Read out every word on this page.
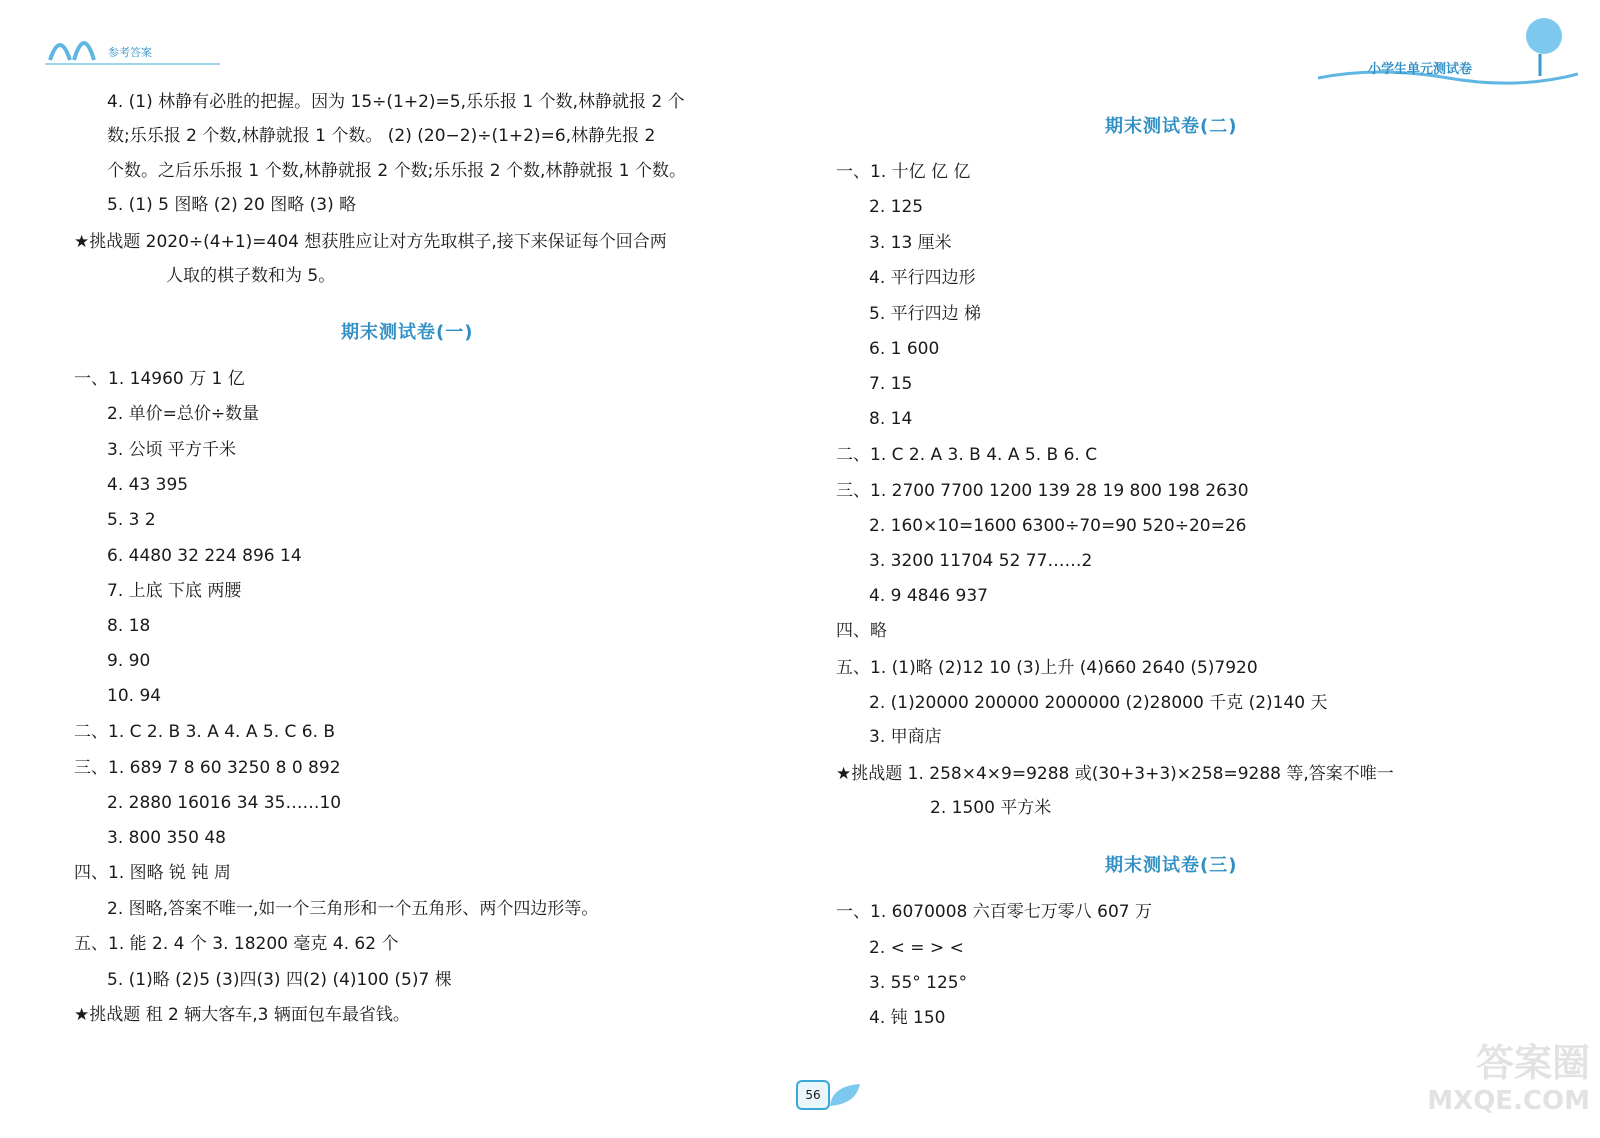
参考答案
小学生单元测试卷
4. (1) 林静有必胜的把握。因为 15÷(1+2)=5,乐乐报 1 个数,林静就报 2 个
数;乐乐报 2 个数,林静就报 1 个数。 (2) (20−2)÷(1+2)=6,林静先报 2
个数。之后乐乐报 1 个数,林静就报 2 个数;乐乐报 2 个数,林静就报 1 个数。
5. (1) 5 图略 (2) 20 图略 (3) 略
★挑战题 2020÷(4+1)=404 想获胜应让对方先取棋子,接下来保证每个回合两
人取的棋子数和为 5。
期末测试卷(一)
一、1. 14960 万 1 亿
2. 单价=总价÷数量
3. 公顷 平方千米
4. 43 395
5. 3 2
6. 4480 32 224 896 14
7. 上底 下底 两腰
8. 18
9. 90
10. 94
二、1. C 2. B 3. A 4. A 5. C 6. B
三、1. 689 7 8 60 3250 8 0 892
2. 2880 16016 34 35……10
3. 800 350 48
四、1. 图略 锐 钝 周
2. 图略,答案不唯一,如一个三角形和一个五角形、两个四边形等。
五、1. 能 2. 4 个 3. 18200 毫克 4. 62 个
5. (1)略 (2)5 (3)四(3) 四(2) (4)100 (5)7 棵
★挑战题 租 2 辆大客车,3 辆面包车最省钱。
期末测试卷(二)
一、1. 十亿 亿 亿
2. 125
3. 13 厘米
4. 平行四边形
5. 平行四边 梯
6. 1 600
7. 15
8. 14
二、1. C 2. A 3. B 4. A 5. B 6. C
三、1. 2700 7700 1200 139 28 19 800 198 2630
2. 160×10=1600 6300÷70=90 520÷20=26
3. 3200 11704 52 77……2
4. 9 4846 937
四、略
五、1. (1)略 (2)12 10 (3)上升 (4)660 2640 (5)7920
2. (1)20000 200000 2000000 (2)28000 千克 (2)140 天
3. 甲商店
★挑战题 1. 258×4×9=9288 或(30+3+3)×258=9288 等,答案不唯一
2. 1500 平方米
期末测试卷(三)
一、1. 6070008 六百零七万零八 607 万
2. < = > <
3. 55° 125°
4. 钝 150
56
答案圈
MXQE.COM
